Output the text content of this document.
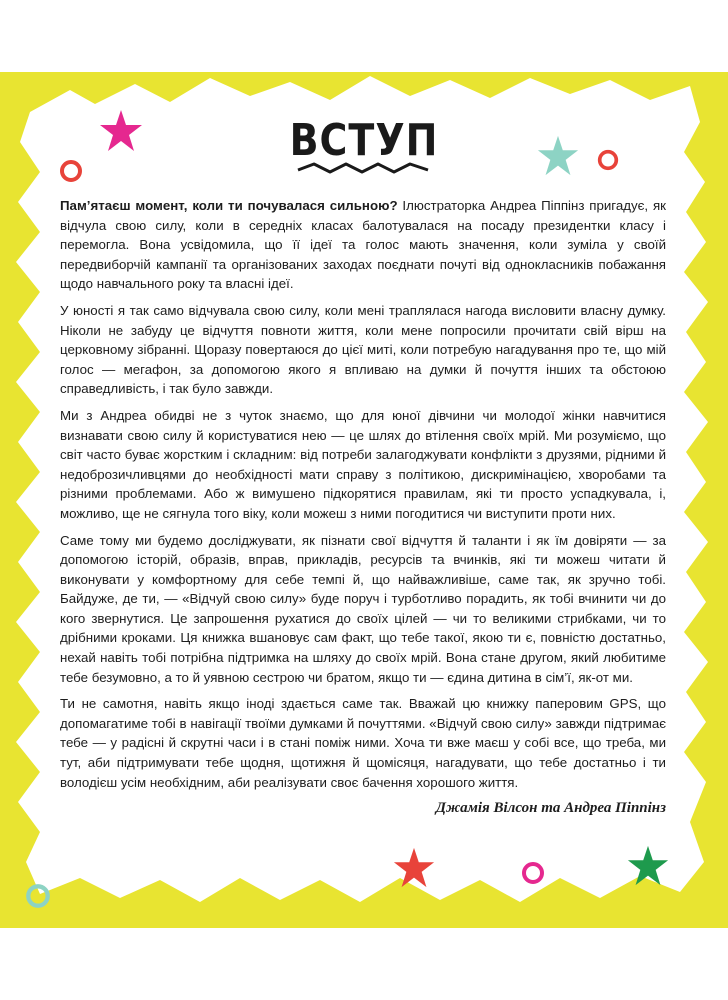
ВСТУП

Пам’ятаєш момент, коли ти почувалася сильною? Ілюстраторка Андреа Піппінз пригадує, як відчула свою силу, коли в середніх класах балотувалася на посаду президентки класу і перемогла. Вона усвідомила, що її ідеї та голос мають значення, коли зуміла у своїй передвиборчій кампанії та організованих заходах поєднати почуті від однокласників побажання щодо навчального року та власні ідеї.

У юності я так само відчувала свою силу, коли мені траплялася нагода висловити власну думку. Ніколи не забуду це відчуття повноти життя, коли мене попросили прочитати свій вірш на церковному зібранні. Щоразу повертаюся до цієї миті, коли потребую нагадування про те, що мій голос — мегафон, за допомогою якого я впливаю на думки й почуття інших та обстоюю справедливість, і так було завжди.

Ми з Андреа обидві не з чуток знаємо, що для юної дівчини чи молодої жінки навчитися визнавати свою силу й користуватися нею — це шлях до втілення своїх мрій. Ми розуміємо, що світ часто буває жорстким і складним: від потреби залагоджувати конфлікти з друзями, рідними й недоброзичливцями до необхідності мати справу з політикою, дискримінацією, хворобами та різними проблемами. Або ж вимушено підкорятися правилам, які ти просто успадкувала, і, можливо, ще не сягнула того віку, коли можеш з ними погодитися чи виступити проти них.

Саме тому ми будемо досліджувати, як пізнати свої відчуття й таланти і як їм довіряти — за допомогою історій, образів, вправ, прикладів, ресурсів та вчинків, які ти можеш читати й виконувати у комфортному для себе темпі й, що найважливіше, саме так, як зручно тобі. Байдуже, де ти, — «Відчуй свою силу» буде поруч і турботливо порадить, як тобі вчинити чи до кого звернутися. Це запрошення рухатися до своїх цілей — чи то великими стрибками, чи то дрібними кроками. Ця книжка вшановує сам факт, що тебе такої, якою ти є, повністю достатньо, нехай навіть тобі потрібна підтримка на шляху до своїх мрій. Вона стане другом, який любитиме тебе безумовно, а то й уявною сестрою чи братом, якщо ти — єдина дитина в сім’ї, як-от ми.

Ти не самотня, навіть якщо іноді здається саме так. Вважай цю книжку паперовим GPS, що допомагатиме тобі в навігації твоїми думками й почуттями. «Відчуй свою силу» завжди підтримає тебе — у радісні й скрутні часи і в стані поміж ними. Хоча ти вже маєш у собі все, що треба, ми тут, аби підтримувати тебе щодня, щотижня й щомісяця, нагадувати, що тебе достатньо і ти володієш усім необхідним, аби реалізувати своє бачення хорошого життя.

Джамія Вілсон та Андреа Піппінз
